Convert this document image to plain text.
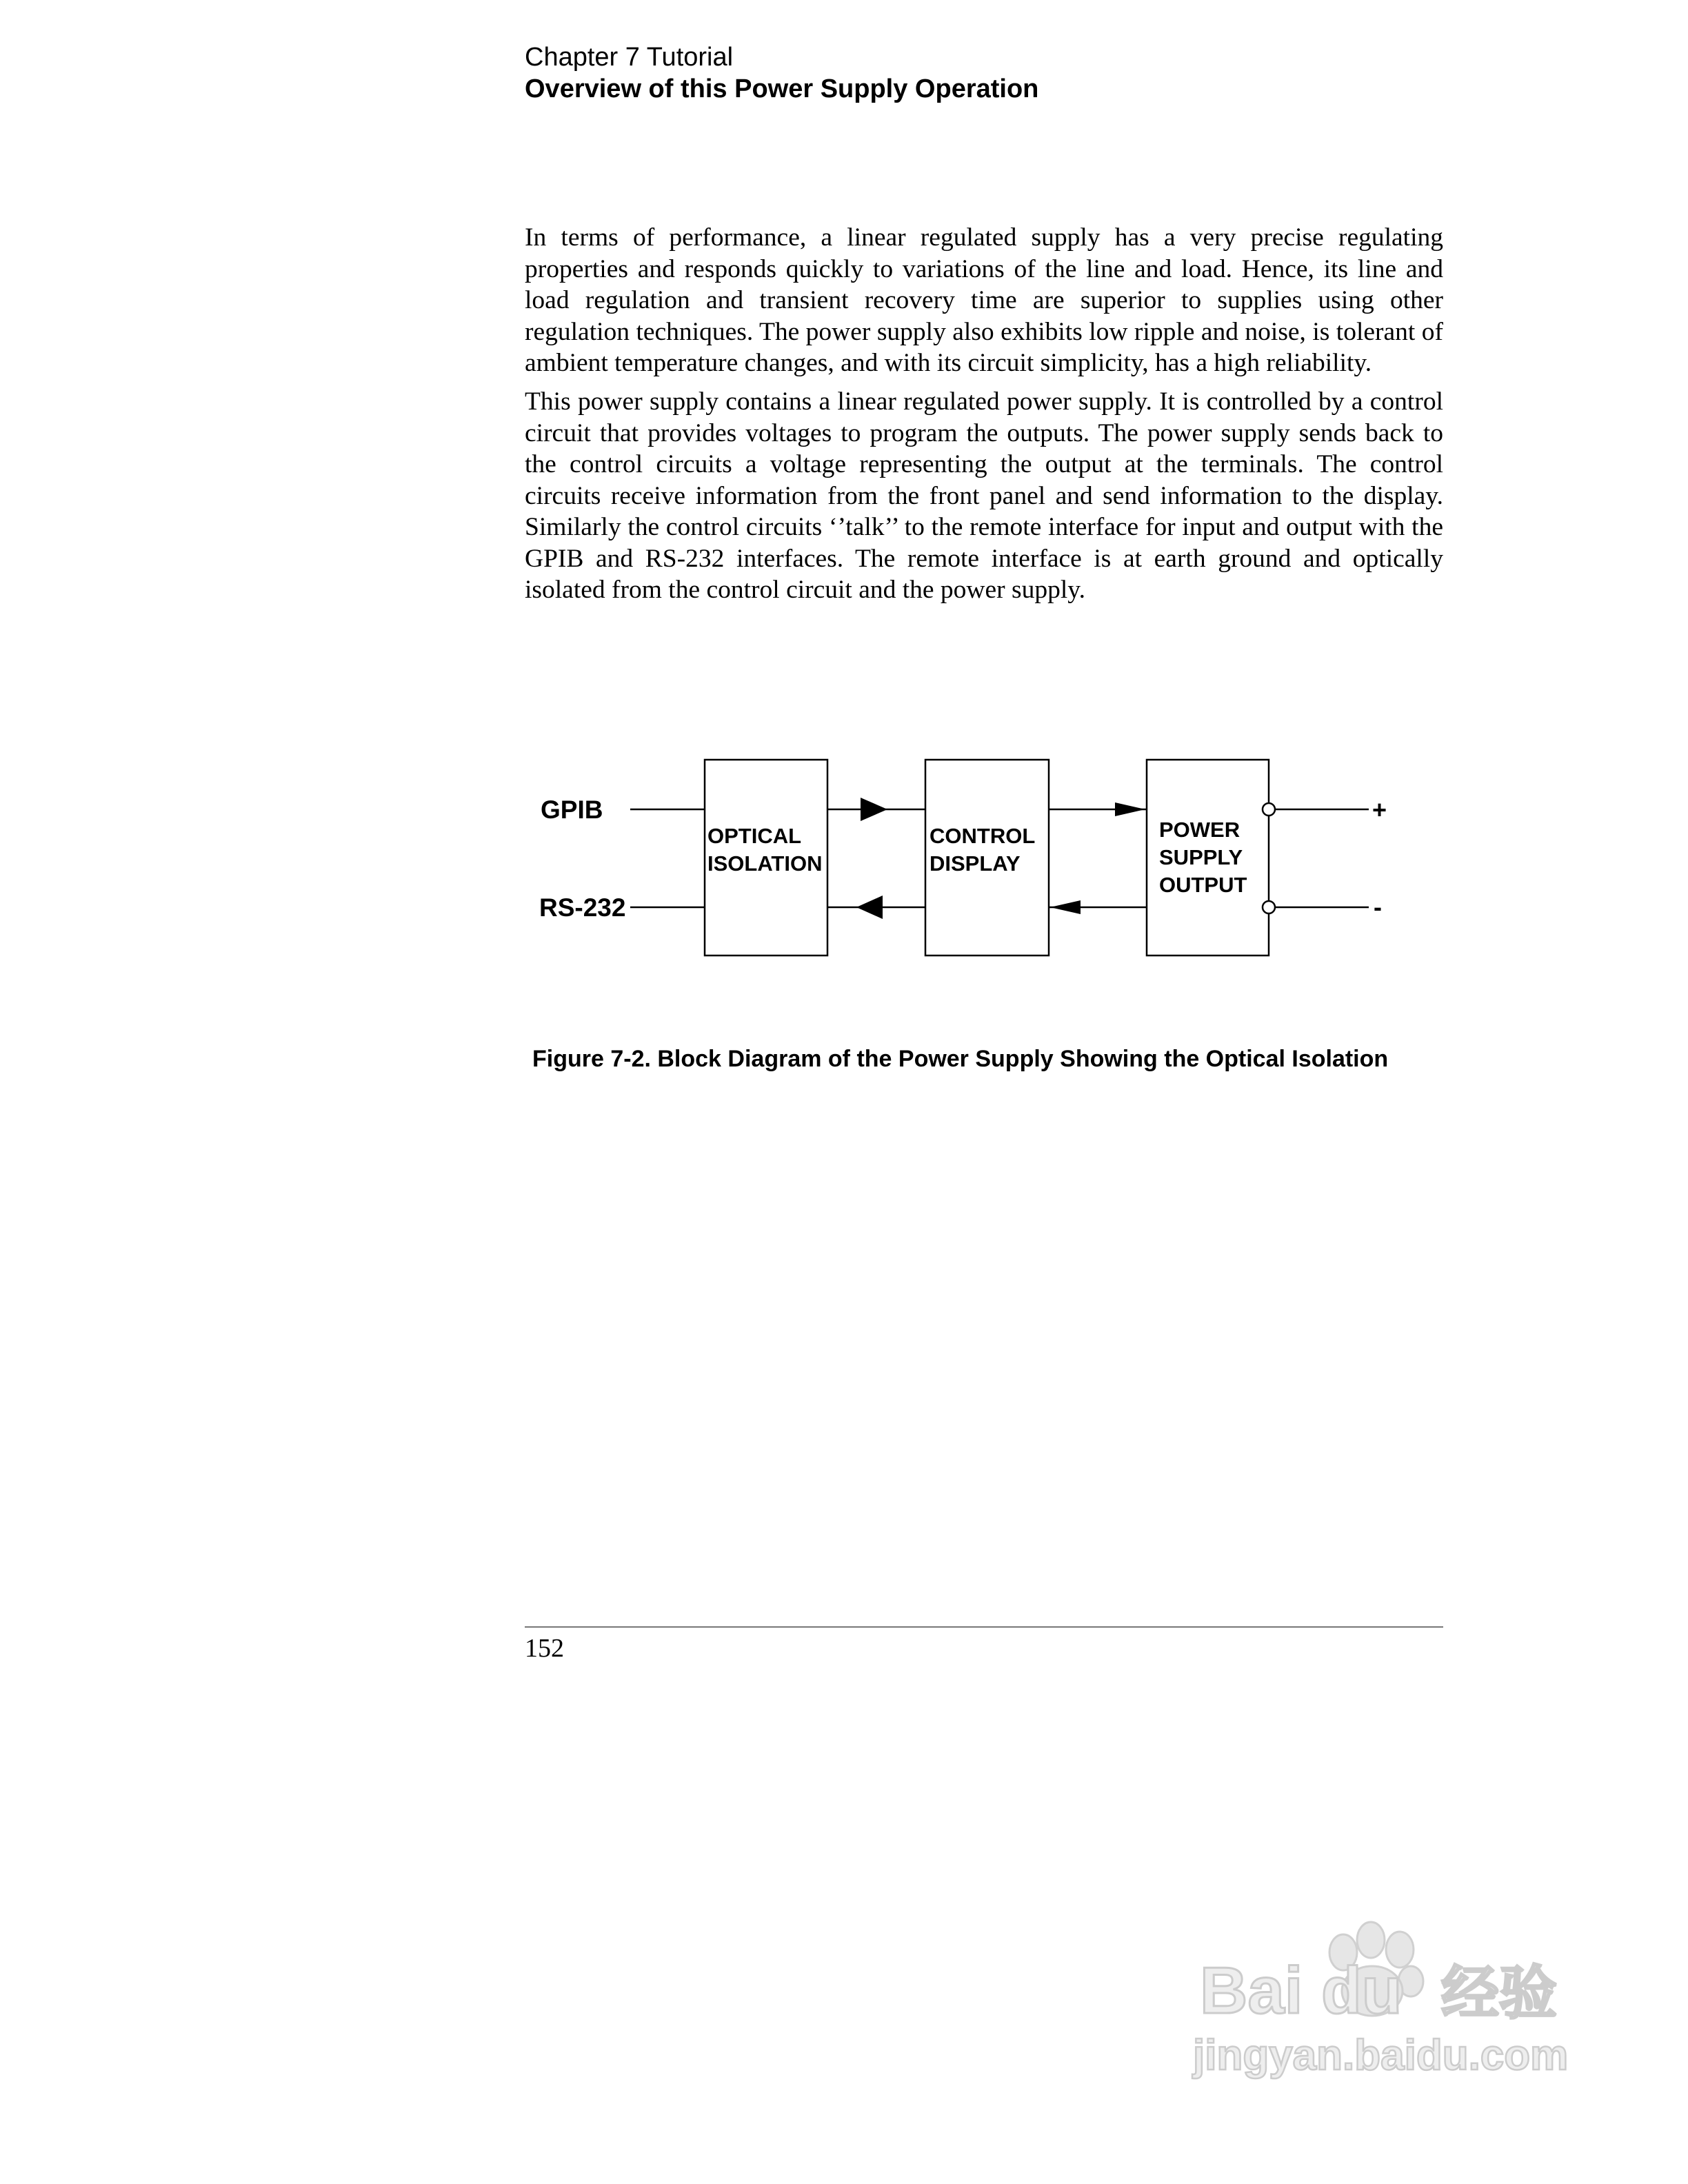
Chapter 7 Tutorial
Overview of this Power Supply Operation

In terms of performance, a linear regulated supply has a very precise regulating properties and responds quickly to variations of the line and load. Hence, its line and load regulation and transient recovery time are superior to supplies using other regulation techniques. The power supply also exhibits low ripple and noise, is tolerant of ambient temperature changes, and with its circuit simplicity, has a high reliability.

This power supply contains a linear regulated power supply. It is controlled by a control circuit that provides voltages to program the outputs. The power supply sends back to the control circuits a voltage representing the output at the terminals. The control circuits receive information from the front panel and send information to the display. Similarly the control circuits ‘’talk’’ to the remote interface for input and output with the GPIB and RS-232 interfaces. The remote interface is at earth ground and optically isolated from the control circuit and the power supply.

GPIB
RS-232
OPTICAL
ISOLATION
CONTROL
DISPLAY
POWER
SUPPLY
OUTPUT
+
-
Figure 7-2. Block Diagram of the Power Supply Showing the Optical Isolation
152
Bai du 经验
jingyan.baidu.com
